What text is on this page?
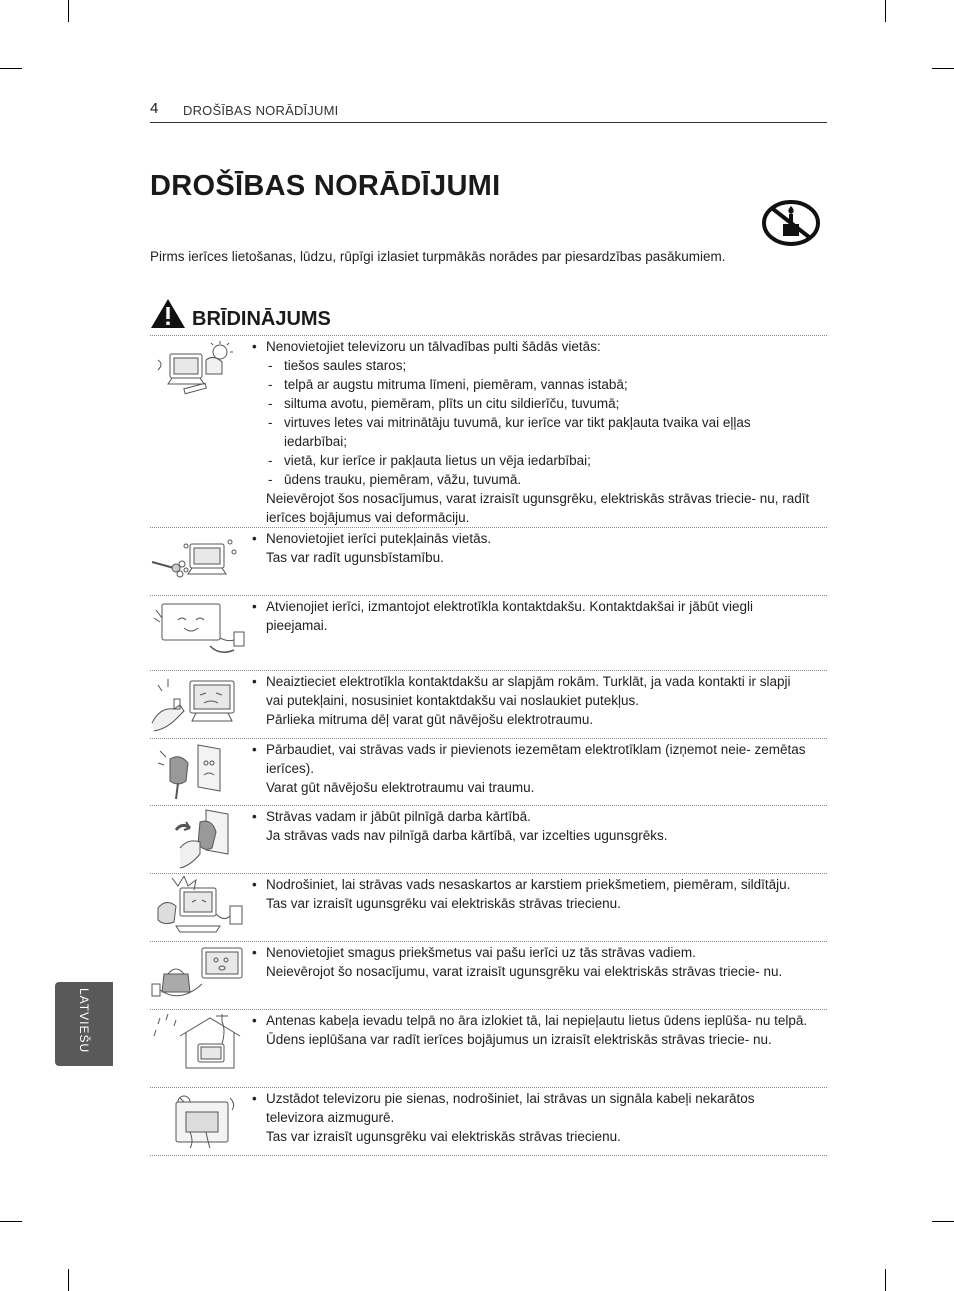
4 DROŠĪBAS NORĀDĪJUMI
DROŠĪBAS NORĀDĪJUMI

Pirms ierīces lietošanas, lūdzu, rūpīgi izlasiet turpmākās norādes par piesardzības pasākumiem.

BRĪDINĀJUMS
• Nenovietojiet televizoru un tālvadības pulti šādās vietās:

- tiešos saules staros;
- telpā ar augstu mitruma līmeni, piemēram, vannas istabā;
- siltuma avotu, piemēram, plīts un citu sildierīču, tuvumā;
- virtuves letes vai mitrinātāju tuvumā, kur ierīce var tikt pakļauta tvaika vai eļļas iedarbībai;
- vietā, kur ierīce ir pakļauta lietus un vēja iedarbībai;
- ūdens trauku, piemēram, vāžu, tuvumā.

Neievērojot šos nosacījumus, varat izraisīt ugunsgrēku, elektriskās strāvas trieciе- nu, radīt ierīces bojājumus vai deformāciju.

• Nenovietojiet ierīci putekļainās vietās.

Tas var radīt ugunsbīstamību.

• Atvienojiet ierīci, izmantojot elektrotīkla kontaktdakšu. Kontaktdakšai ir jābūt viegli pieejamai.

• Neaiztieciet elektrotīkla kontaktdakšu ar slapjām rokām. Turklāt, ja vada kontakti ir slapji vai putekļaini, nosusiniet kontaktdakšu vai noslaukiet putekļus.

Pārlieka mitruma dēļ varat gūt nāvējošu elektrotraumu.

• Pārbaudiet, vai strāvas vads ir pievienots iezemētam elektrotīklam (izņemot neie- zemētas ierīces).

Varat gūt nāvējošu elektrotraumu vai traumu.

• Strāvas vadam ir jābūt pilnīgā darba kārtībā.

Ja strāvas vads nav pilnīgā darba kārtībā, var izcelties ugunsgrēks.

• Nodrošiniet, lai strāvas vads nesaskartos ar karstiem priekšmetiem, piemēram, sildītāju.

Tas var izraisīt ugunsgrēku vai elektriskās strāvas triecienu.

• Nenovietojiet smagus priekšmetus vai pašu ierīci uz tās strāvas vadiem.

Neievērojot šo nosacījumu, varat izraisīt ugunsgrēku vai elektriskās strāvas trieciе- nu.

• Antenas kabeļa ievadu telpā no āra izlokiet tā, lai nepieļautu lietus ūdens ieplūša- nu telpā.

Ūdens ieplūšana var radīt ierīces bojājumus un izraisīt elektriskās strāvas trieciе- nu.

• Uzstādot televizoru pie sienas, nodrošiniet, lai strāvas un signāla kabeļi nekarātos televizora aizmugurē.

Tas var izraisīt ugunsgrēku vai elektriskās strāvas triecienu.

LATVIEŠU
